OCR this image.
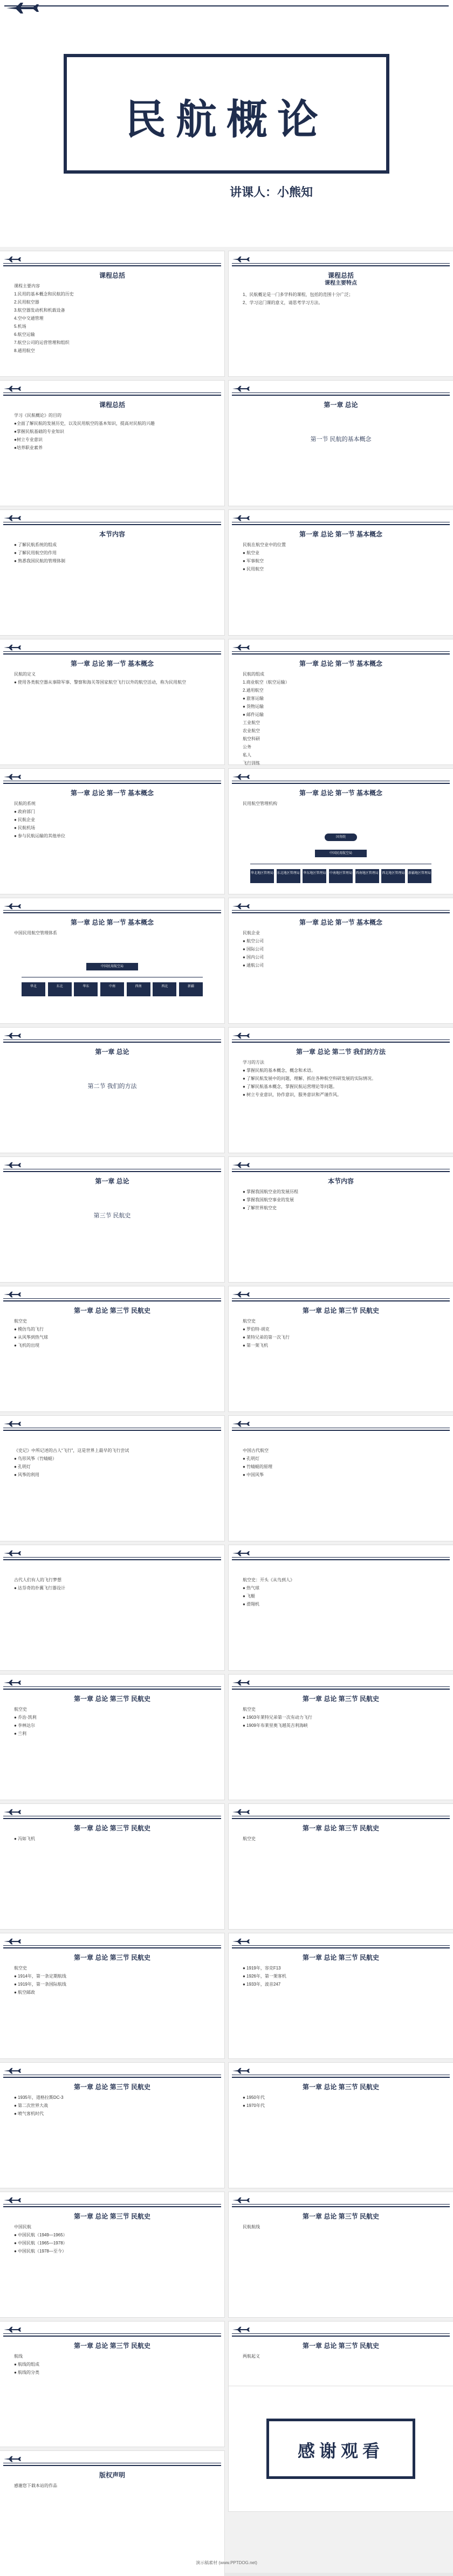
民航概论
讲课人：小熊知
课程总括

课程主要内容

1.民用的基本概念和民航的历史

2.民用航空器

3.航空器发动机和机载设备

4.空中交通管理

5.机场

6.航空运输

7.航空公司的运营管理和组织

8.通用航空

课程总括
课程主要特点

1、民航概论是一门多学科的课程，包括的范围十分广泛；

2、学习这门课的意义，请思考学习方法。

课程总括

学习《民航概论》的目的

●全面了解民航的发展历史，以及民用航空的基本知识，提高对民航的兴趣

●掌握民航基础的专业知识

●树立专业意识

●培养职业素养

第一章 总论
第一节 民航的基本概念
本节内容

● 了解民航系统的组成

● 了解民用航空的作用

● 熟悉我国民航的管理体制

第一章 总论 第一节 基本概念

民航在航空业中的位置

● 航空业

● 军事航空

● 民用航空

第一章 总论 第一节 基本概念

民航的定义

● 使用各类航空器从事除军事、警察和海关等国家航空飞行以外的航空活动，称为民用航空

第一章 总论 第一节 基本概念

民航的组成

1.商业航空（航空运输）

2.通用航空

● 旅客运输

● 货物运输

● 邮件运输

工业航空

农业航空

航空科研

公务

私人

飞行训练

第一章 总论 第一节 基本概念

民航的系统

● 政府部门

● 民航企业

● 民航机场

● 参与民航运输的其他单位

第一章 总论 第一节 基本概念

民用航空管理机构

国务院
中国民用航空局
华北地区管理局 东北地区管理局 华东地区管理局 中南地区管理局 西南地区管理局 西北地区管理局 新疆地区管理局
第一章 总论 第一节 基本概念

中国民用航空管理体系

中国民用航空局
华北	东北	华东	中南	西南	西北	新疆
第一章 总论 第一节 基本概念

民航企业

● 航空公司

● 国际公司

● 国内公司

● 通航公司

第一章 总论
第二节 我们的方法
第一章 总论 第二节 我们的方法

学习的方法

● 掌握民航的基本概念，概念和术语。

● 了解民航发展中的问题，理解、抓住各种航空科研发展的实际情况。

● 了解民航基本概念，掌握民航运营理论等问题。

● 树立专业意识，协作意识，服务意识和严谨作风。

第一章 总论
第三节 民航史
本节内容

● 掌握我国航空业的发展历程

● 掌握我国航空事业的发展

● 了解世界航空史

第一章 总论 第三节 民航史

航空史

● 模仿鸟的飞行

● 从风筝到热气球

● 飞机的出现

第一章 总论 第三节 民航史

航空史

● 罗伯特·胡克

● 莱特兄弟的第一次飞行

● 第一架飞机

《史记》中所记述的古人“飞行”，这是世界上最早的飞行尝试

● 鸟形风筝（竹蜻蜓）

● 孔明灯

● 风筝的利用

中国古代航空

● 孔明灯

● 竹蜻蜓的原理

● 中国风筝

古代人们有人的飞行梦想

● 达芬奇的扑翼飞行器设计

航空史：开头《从鸟到人》

● 热气球

● 飞艇

● 滑翔机

第一章 总论 第三节 民航史

航空史

● 乔治·凯利

● 李林达尔

● 兰利

第一章 总论 第三节 民航史

航空史

● 1903年莱特兄弟第一次有动力飞行

● 1909年布莱里奥飞越英吉利海峡

第一章 总论 第三节 民航史

● 冯如飞机

第一章 总论 第三节 民航史

航空史

第一章 总论 第三节 民航史

航空史

● 1914年，第一条定期航线

● 1919年，第一条国际航线

● 航空邮政

第一章 总论 第三节 民航史

● 1919年，容克F13

● 1926年，第一架客机

● 1933年，波音247

第一章 总论 第三节 民航史

● 1935年，道格拉斯DC-3

● 第二次世界大战

● 喷气客机时代

第一章 总论 第三节 民航史

● 1950年代

● 1970年代

第一章 总论 第三节 民航史

中国民航

● 中国民航（1949—1965）

● 中国民航（1965—1978）

● 中国民航（1978—至今）

第一章 总论 第三节 民航史

民航航线

第一章 总论 第三节 民航史

航线

● 航线的组成

● 航线的分类

第一章 总论 第三节 民航史

两航起义

版权声明

感谢您下载本站的作品

感谢观看
演示稿素材 (www.PPTDOG.net)
